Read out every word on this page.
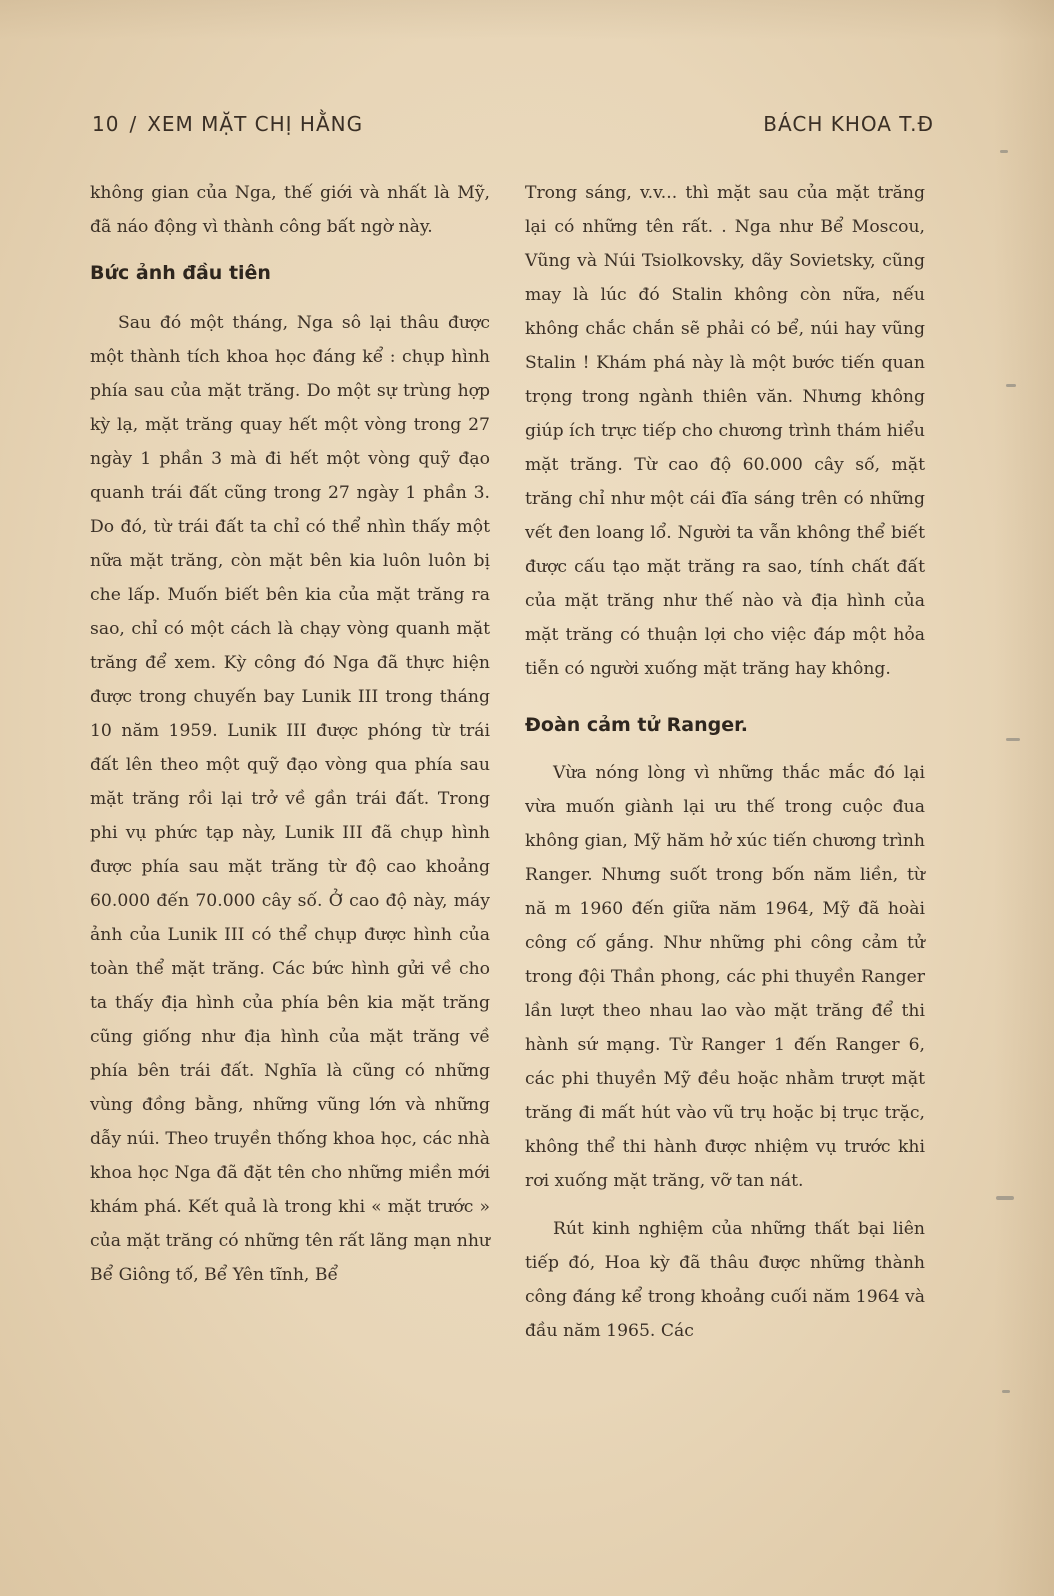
10 / XEM MẶT CHỊ HẰNG	BÁCH KHOA T.Đ

không gian của Nga, thế giới và nhất là Mỹ, đã náo động vì thành công bất ngờ này.

Bức ảnh đầu tiên

Sau đó một tháng, Nga sô lại thâu được một thành tích khoa học đáng kể : chụp hình phía sau của mặt trăng. Do một sự trùng hợp kỳ lạ, mặt trăng quay hết một vòng trong 27 ngày 1 phần 3 mà đi hết một vòng quỹ đạo quanh trái đất cũng trong 27 ngày 1 phần 3. Do đó, từ trái đất ta chỉ có thể nhìn thấy một nữa mặt trăng, còn mặt bên kia luôn luôn bị che lấp. Muốn biết bên kia của mặt trăng ra sao, chỉ có một cách là chạy vòng quanh mặt trăng để xem. Kỳ công đó Nga đã thực hiện được trong chuyến bay Lunik III trong tháng 10 năm 1959. Lunik III được phóng từ trái đất lên theo một quỹ đạo vòng qua phía sau mặt trăng rồi lại trở về gần trái đất. Trong phi vụ phức tạp này, Lunik III đã chụp hình được phía sau mặt trăng từ độ cao khoảng 60.000 đến 70.000 cây số. Ở cao độ này, máy ảnh của Lunik III có thể chụp được hình của toàn thể mặt trăng. Các bức hình gửi về cho ta thấy địa hình của phía bên kia mặt trăng cũng giống như địa hình của mặt trăng về phía bên trái đất. Nghĩa là cũng có những vùng đồng bằng, những vũng lớn và những dẫy núi. Theo truyền thống khoa học, các nhà khoa học Nga đã đặt tên cho những miền mới khám phá. Kết quả là trong khi « mặt trước » của mặt trăng có những tên rất lãng mạn như Bể Giông tố, Bể Yên tĩnh, Bể

Trong sáng, v.v... thì mặt sau của mặt trăng lại có những tên rất. . Nga như Bể Moscou, Vũng và Núi Tsiolkovsky, dãy Sovietsky, cũng may là lúc đó Stalin không còn nữa, nếu không chắc chắn sẽ phải có bể, núi hay vũng Stalin ! Khám phá này là một bước tiến quan trọng trong ngành thiên văn. Nhưng không giúp ích trực tiếp cho chương trình thám hiểu mặt trăng. Từ cao độ 60.000 cây số, mặt trăng chỉ như một cái đĩa sáng trên có những vết đen loang lổ. Người ta vẫn không thể biết được cấu tạo mặt trăng ra sao, tính chất đất của mặt trăng như thế nào và địa hình của mặt trăng có thuận lợi cho việc đáp một hỏa tiễn có người xuống mặt trăng hay không.

Đoàn cảm tử Ranger.

Vừa nóng lòng vì những thắc mắc đó lại vừa muốn giành lại ưu thế trong cuộc đua không gian, Mỹ hăm hở xúc tiến chương trình Ranger. Nhưng suốt trong bốn năm liền, từ nă m 1960 đến giữa năm 1964, Mỹ đã hoài công cố gắng. Như những phi công cảm tử trong đội Thần phong, các phi thuyền Ranger lần lượt theo nhau lao vào mặt trăng để thi hành sứ mạng. Từ Ranger 1 đến Ranger 6, các phi thuyền Mỹ đều hoặc nhằm trượt mặt trăng đi mất hút vào vũ trụ hoặc bị trục trặc, không thể thi hành được nhiệm vụ trước khi rơi xuống mặt trăng, vỡ tan nát.

Rút kinh nghiệm của những thất bại liên tiếp đó, Hoa kỳ đã thâu được những thành công đáng kể trong khoảng cuối năm 1964 và đầu năm 1965. Các
